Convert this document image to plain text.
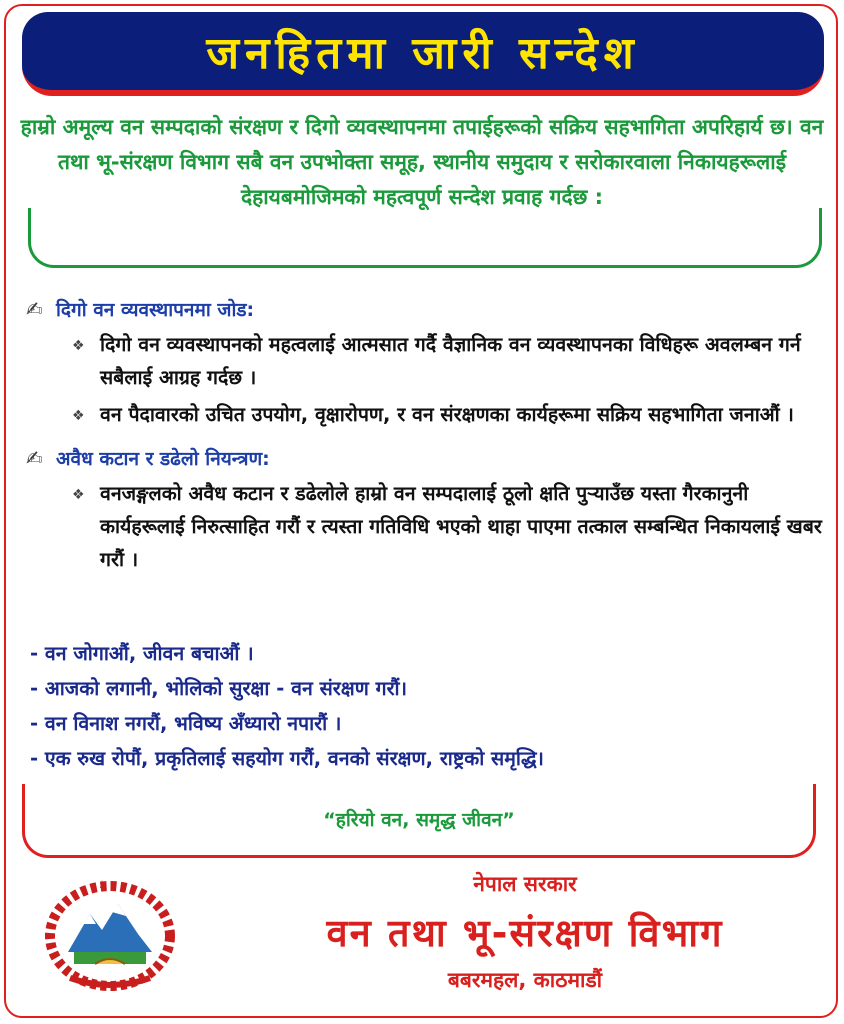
जनहितमा जारी सन्देश
हाम्रो अमूल्य वन सम्पदाको संरक्षण र दिगो व्यवस्थापनमा तपाईहरूको सक्रिय सहभागिता अपरिहार्य छ। वन तथा भू-संरक्षण विभाग सबै वन उपभोक्ता समूह, स्थानीय समुदाय र सरोकारवाला निकायहरूलाई देहायबमोजिमको महत्वपूर्ण सन्देश प्रवाह गर्दछ :
✍ दिगो वन व्यवस्थापनमा जोड:
❖ दिगो वन व्यवस्थापनको महत्वलाई आत्मसात गर्दै वैज्ञानिक वन व्यवस्थापनका विधिहरू अवलम्बन गर्न सबैलाई आग्रह गर्दछ ।
❖ वन पैदावारको उचित उपयोग, वृक्षारोपण, र वन संरक्षणका कार्यहरूमा सक्रिय सहभागिता जनाऔं ।
✍ अवैध कटान र डढेलो नियन्त्रण:
❖ वनजङ्गलको अवैध कटान र डढेलोले हाम्रो वन सम्पदालाई ठूलो क्षति पुऱ्याउँछ यस्ता गैरकानुनी कार्यहरूलाई निरुत्साहित गरौं र त्यस्ता गतिविधि भएको थाहा पाएमा तत्काल सम्बन्धित निकायलाई खबर गरौं ।
- वन जोगाऔं, जीवन बचाऔं ।
- आजको लगानी, भोलिको सुरक्षा - वन संरक्षण गरौं।
- वन विनाश नगरौं, भविष्य अँध्यारो नपारौं ।
- एक रुख रोपौं, प्रकृतिलाई सहयोग गरौं, वनको संरक्षण, राष्ट्रको समृद्धि।
“हरियो वन, समृद्ध जीवन”
नेपाल सरकार
वन तथा भू-संरक्षण विभाग
बबरमहल, काठमाडौं
